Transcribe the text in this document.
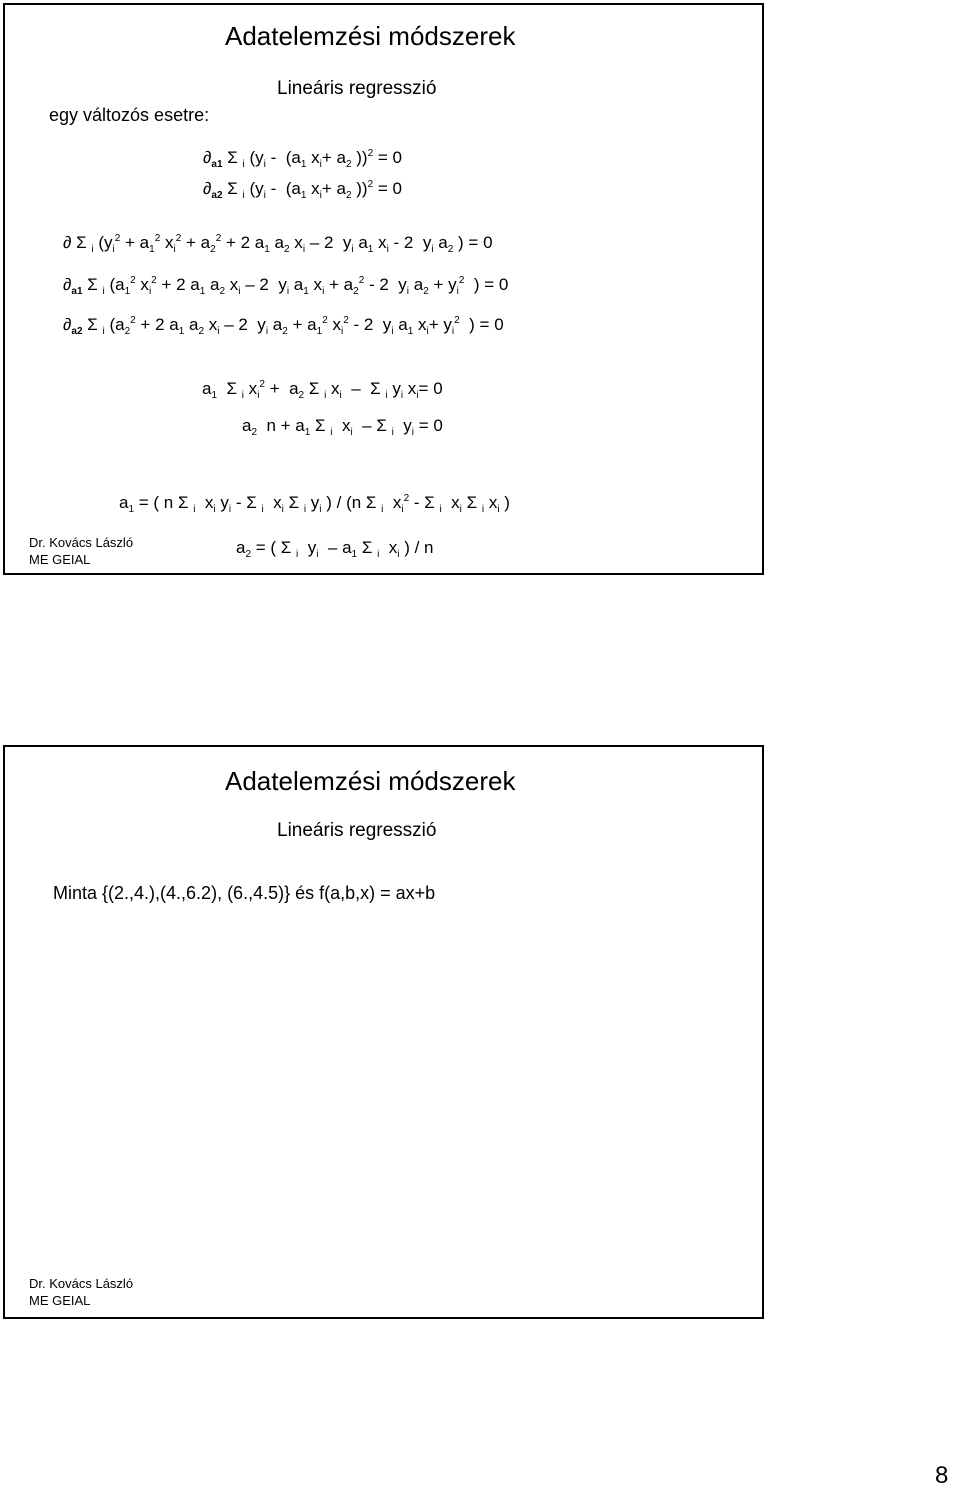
Adatelemzési módszerek
Lineáris regresszió
egy változós esetre:
$\partial_{a1}$ Σ $_i$ ($y_i - (a_1$ $x_i+ a_2$ ))$^2$ = 0
$\partial_{a2}$ Σ $_i$ ($y_i - (a_1$ $x_i+ a_2$ ))$^2$ = 0
∂ Σ $_i$ ($y_i^2 + a_1^2$ $x_i^2 + a_2^2 + 2$ $a_1$ $a_2$ $x_i - 2$  $y_i$ $a_1$ $x_i - 2$  $y_i$ $a_2$ ) = 0
$\partial_{a1}$ Σ $_i$ ($a_1^2$ $x_i^2 + 2$ $a_1$ $a_2$ $x_i - 2$  $y_i$ $a_1$ $x_i + a_2^2 - 2$  $y_i$ $a_2 + y_i^2$  ) = 0
$\partial_{a2}$ Σ $_i$ ($a_2^2 + 2$ $a_1$ $a_2$ $x_i - 2$  $y_i$ $a_2 + a_1^2$ $x_i^2 - 2$  $y_i$ $a_1$ $x_i+ y_i^2$  ) = 0
$a_1$  Σ $_i$ $x_i^2 + a_2$ Σ $_i$ $x_i$  –  Σ $_i$ $y_i$ $x_i= 0$
$a_2$  $n + a_1$ Σ $_i$  $x_i$  – Σ $_i$  $y_i = 0$
$a_1$ = ( n Σ $_i$  $x_i$ $y_i$ - Σ $_i$  $x_i$ Σ $_i$ $y_i$ ) / (n Σ $_i$  $x_i^2$ - Σ $_i$  $x_i$ Σ $_i$ $x_i$ )
$a_2$ = ( Σ $_i$  $y_i - a_1$ Σ $_i$  $x_i$ ) / n
Dr. Kovács László
ME GEIAL
Adatelemzési módszerek
Lineáris regresszió
Minta {(2.,4.),(4.,6.2), (6.,4.5)} és f(a,b,x) = ax+b
Dr. Kovács László
ME GEIAL
8
